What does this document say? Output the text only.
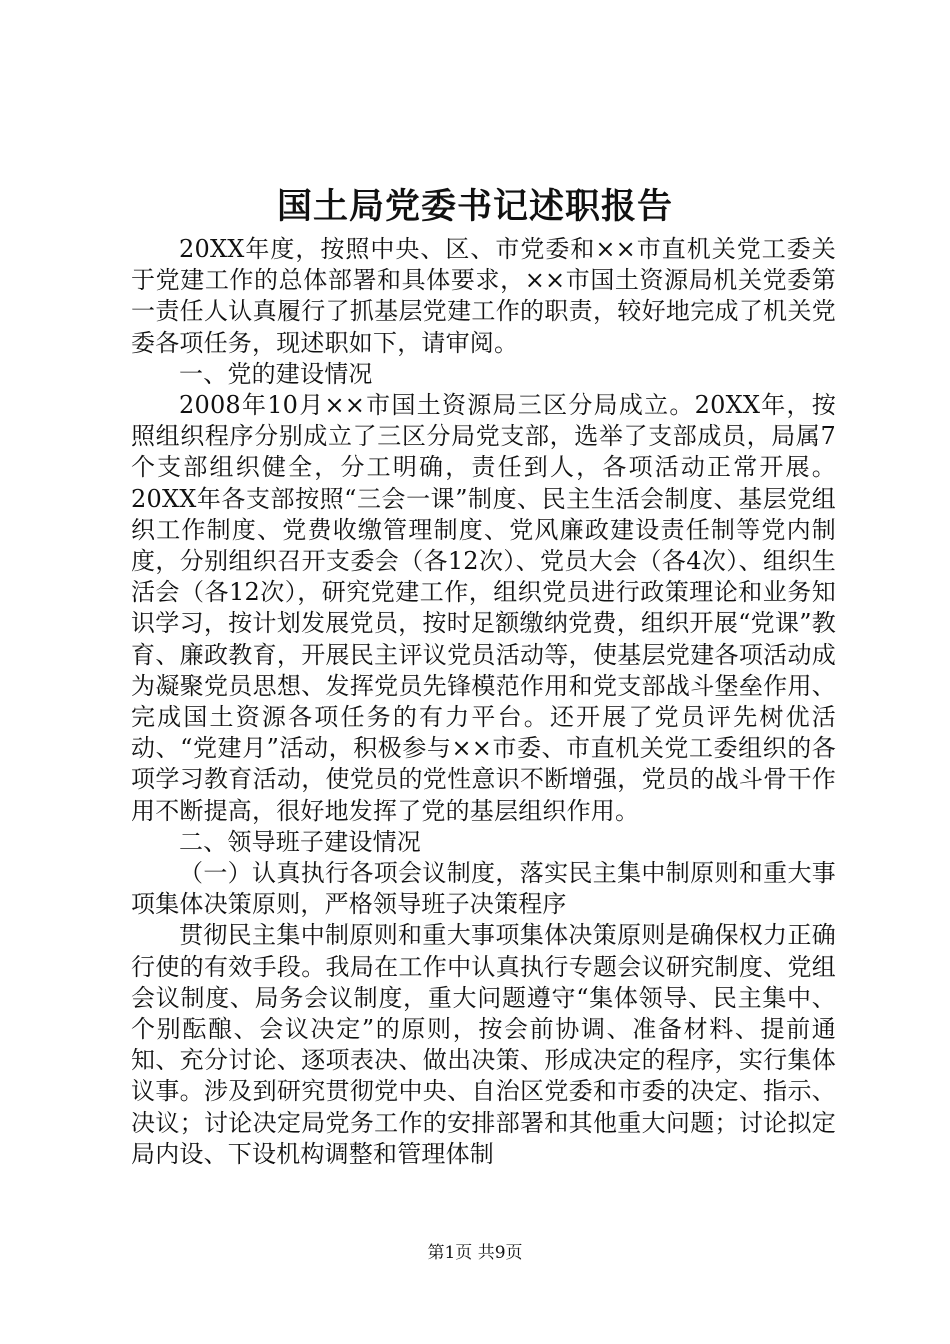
国土局党委书记述职报告

20XX年度，按照中央、区、市党委和××市直机关党工委关于党建工作的总体部署和具体要求，××市国土资源局机关党委第一责任人认真履行了抓基层党建工作的职责，较好地完成了机关党委各项任务，现述职如下，请审阅。

一、党的建设情况

2008年10月××市国土资源局三区分局成立。20XX年，按照组织程序分别成立了三区分局党支部，选举了支部成员，局属7个支部组织健全，分工明确，责任到人，各项活动正常开展。20XX年各支部按照“三会一课”制度、民主生活会制度、基层党组织工作制度、党费收缴管理制度、党风廉政建设责任制等党内制度，分别组织召开支委会（各12次）、党员大会（各4次）、组织生活会（各12次），研究党建工作，组织党员进行政策理论和业务知识学习，按计划发展党员，按时足额缴纳党费，组织开展“党课”教育、廉政教育，开展民主评议党员活动等，使基层党建各项活动成为凝聚党员思想、发挥党员先锋模范作用和党支部战斗堡垒作用、完成国土资源各项任务的有力平台。还开展了党员评先树优活动、“党建月”活动，积极参与××市委、市直机关党工委组织的各项学习教育活动，使党员的党性意识不断增强，党员的战斗骨干作用不断提高，很好地发挥了党的基层组织作用。

二、领导班子建设情况

（一）认真执行各项会议制度，落实民主集中制原则和重大事项集体决策原则，严格领导班子决策程序

贯彻民主集中制原则和重大事项集体决策原则是确保权力正确行使的有效手段。我局在工作中认真执行专题会议研究制度、党组会议制度、局务会议制度，重大问题遵守“集体领导、民主集中、个别酝酿、会议决定”的原则，按会前协调、准备材料、提前通知、充分讨论、逐项表决、做出决策、形成决定的程序，实行集体议事。涉及到研究贯彻党中央、自治区党委和市委的决定、指示、决议；讨论决定局党务工作的安排部署和其他重大问题；讨论拟定局内设、下设机构调整和管理体制

第1页 共9页
